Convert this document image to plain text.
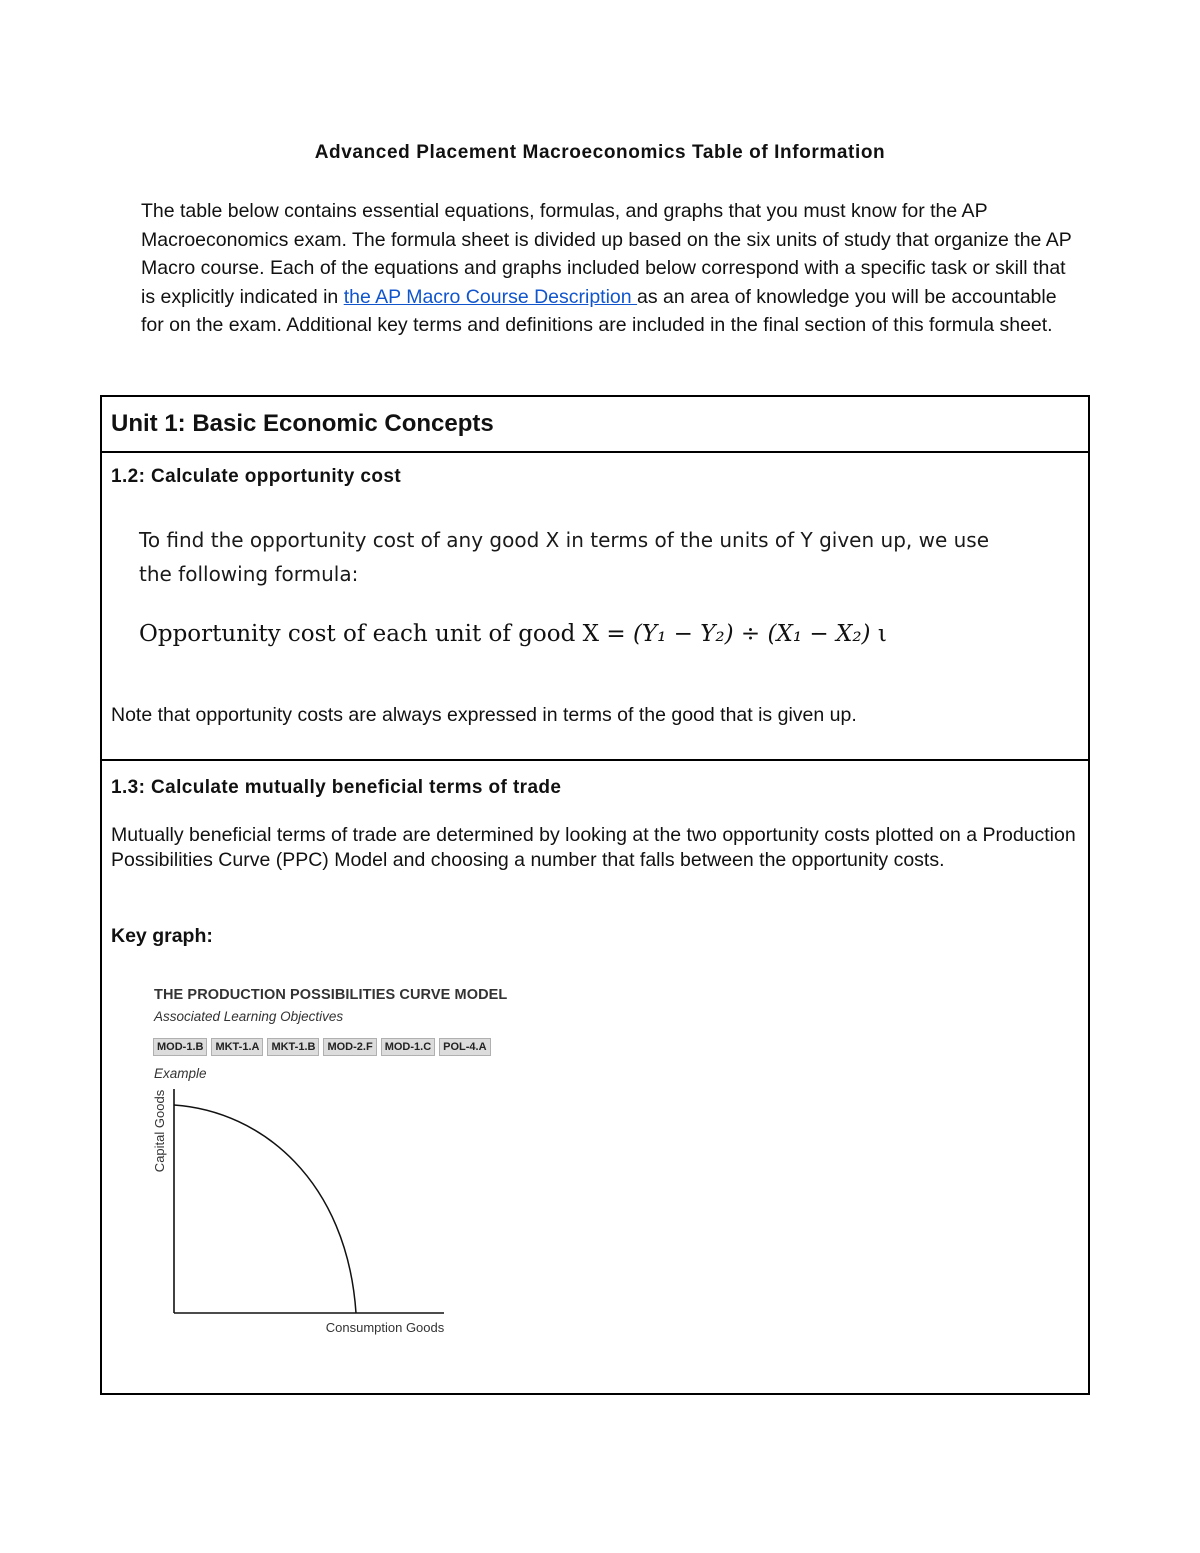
Advanced Placement Macroeconomics Table of Information
The table below contains essential equations, formulas, and graphs that you must know for the AP Macroeconomics exam. The formula sheet is divided up based on the six units of study that organize the AP Macro course. Each of the equations and graphs included below correspond with a specific task or skill that is explicitly indicated in the AP Macro Course Description as an area of knowledge you will be accountable for on the exam. Additional key terms and definitions are included in the final section of this formula sheet.
Unit 1: Basic Economic Concepts
1.2: Calculate opportunity cost
To find the opportunity cost of any good X in terms of the units of Y given up, we use the following formula:
Opportunity cost of each unit of good X = (Y₁ − Y₂) ÷ (X₁ − X₂) ι
Note that opportunity costs are always expressed in terms of the good that is given up.
1.3: Calculate mutually beneficial terms of trade
Mutually beneficial terms of trade are determined by looking at the two opportunity costs plotted on a Production Possibilities Curve (PPC) Model and choosing a number that falls between the opportunity costs.
Key graph:
THE PRODUCTION POSSIBILITIES CURVE MODEL
Associated Learning Objectives
MOD-1.B	MKT-1.A	MKT-1.B	MOD-2.F	MOD-1.C	POL-4.A
Example
Capital Goods
Consumption Goods
